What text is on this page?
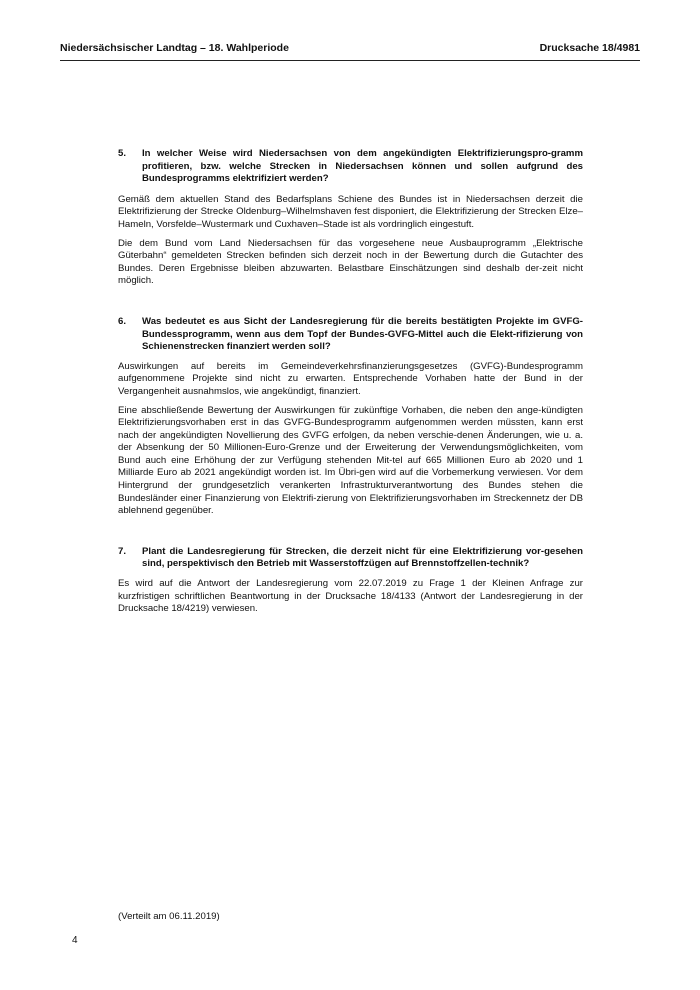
Niedersächsischer Landtag – 18. Wahlperiode	Drucksache 18/4981
5.	In welcher Weise wird Niedersachsen von dem angekündigten Elektrifizierungspro-gramm profitieren, bzw. welche Strecken in Niedersachsen können und sollen aufgrund des Bundesprogramms elektrifiziert werden?

Gemäß dem aktuellen Stand des Bedarfsplans Schiene des Bundes ist in Niedersachsen derzeit die Elektrifizierung der Strecke Oldenburg–Wilhelmshaven fest disponiert, die Elektrifizierung der Strecken Elze–Hameln, Vorsfelde–Wustermark und Cuxhaven–Stade ist als vordringlich eingestuft.

Die dem Bund vom Land Niedersachsen für das vorgesehene neue Ausbauprogramm „Elektrische Güterbahn“ gemeldeten Strecken befinden sich derzeit noch in der Bewertung durch die Gutachter des Bundes. Deren Ergebnisse bleiben abzuwarten. Belastbare Einschätzungen sind deshalb der-zeit nicht möglich.

6.	Was bedeutet es aus Sicht der Landesregierung für die bereits bestätigten Projekte im GVFG-Bundessprogramm, wenn aus dem Topf der Bundes-GVFG-Mittel auch die Elekt-rifizierung von Schienenstrecken finanziert werden soll?

Auswirkungen auf bereits im Gemeindeverkehrsfinanzierungsgesetzes (GVFG)-Bundesprogramm aufgenommene Projekte sind nicht zu erwarten. Entsprechende Vorhaben hatte der Bund in der Vergangenheit ausnahmslos, wie angekündigt, finanziert.

Eine abschließende Bewertung der Auswirkungen für zukünftige Vorhaben, die neben den ange-kündigten Elektrifizierungsvorhaben erst in das GVFG-Bundesprogramm aufgenommen werden müssten, kann erst nach der angekündigten Novellierung des GVFG erfolgen, da neben verschie-denen Änderungen, wie u. a. der Absenkung der 50 Millionen-Euro-Grenze und der Erweiterung der Verwendungsmöglichkeiten, vom Bund auch eine Erhöhung der zur Verfügung stehenden Mit-tel auf 665 Millionen Euro ab 2020 und 1 Milliarde Euro ab 2021 angekündigt worden ist. Im Übri-gen wird auf die Vorbemerkung verwiesen. Vor dem Hintergrund der grundgesetzlich verankerten Infrastrukturverantwortung des Bundes stehen die Bundesländer einer Finanzierung von Elektrifi-zierung von Elektrifizierungsvorhaben im Streckennetz der DB ablehnend gegenüber.

7.	Plant die Landesregierung für Strecken, die derzeit nicht für eine Elektrifizierung vor-gesehen sind, perspektivisch den Betrieb mit Wasserstoffzügen auf Brennstoffzellen-technik?

Es wird auf die Antwort der Landesregierung vom 22.07.2019 zu Frage 1 der Kleinen Anfrage zur kurzfristigen schriftlichen Beantwortung in der Drucksache 18/4133 (Antwort der Landesregierung in der Drucksache 18/4219) verwiesen.

(Verteilt am 06.11.2019)
4
